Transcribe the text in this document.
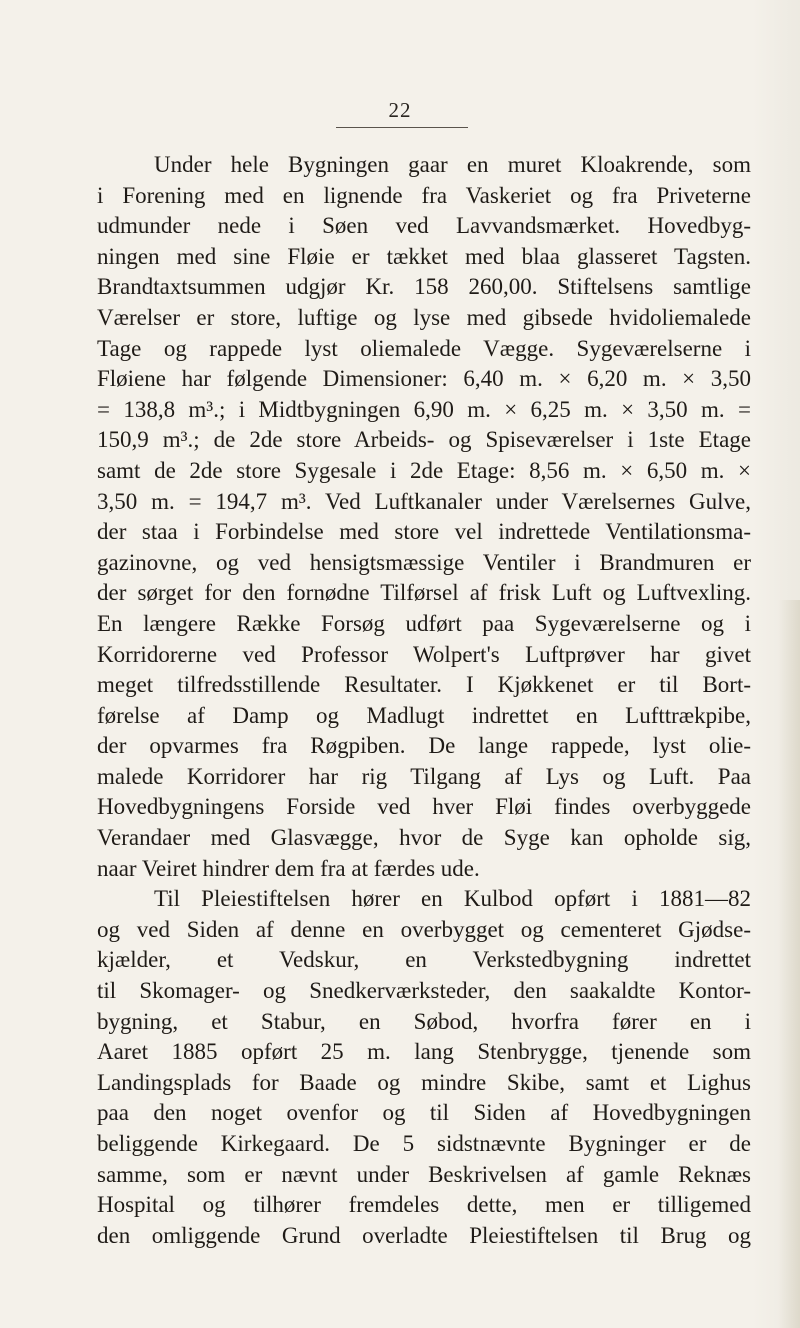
22
Under hele Bygningen gaar en muret Kloakrende, som
i Forening med en lignende fra Vaskeriet og fra Priveterne
udmunder nede i Søen ved Lavvandsmærket. Hovedbyg-
ningen med sine Fløie er tækket med blaa glasseret Tagsten.
Brandtaxtsummen udgjør Kr. 158 260,00. Stiftelsens samtlige
Værelser er store, luftige og lyse med gibsede hvidoliemalede
Tage og rappede lyst oliemalede Vægge. Sygeværelserne i
Fløiene har følgende Dimensioner: 6,40 m. × 6,20 m. × 3,50
= 138,8 m³.; i Midtbygningen 6,90 m. × 6,25 m. × 3,50 m. =
150,9 m³.; de 2de store Arbeids- og Spiseværelser i 1ste Etage
samt de 2de store Sygesale i 2de Etage: 8,56 m. × 6,50 m. ×
3,50 m. = 194,7 m³. Ved Luftkanaler under Værelsernes Gulve,
der staa i Forbindelse med store vel indrettede Ventilationsma-
gazinovne, og ved hensigtsmæssige Ventiler i Brandmuren er
der sørget for den fornødne Tilførsel af frisk Luft og Luftvexling.
En længere Række Forsøg udført paa Sygeværelserne og i
Korridorerne ved Professor Wolpert's Luftprøver har givet
meget tilfredsstillende Resultater. I Kjøkkenet er til Bort-
førelse af Damp og Madlugt indrettet en Lufttrækpibe,
der opvarmes fra Røgpiben. De lange rappede, lyst olie-
malede Korridorer har rig Tilgang af Lys og Luft. Paa
Hovedbygningens Forside ved hver Fløi findes overbyggede
Verandaer med Glasvægge, hvor de Syge kan opholde sig,
naar Veiret hindrer dem fra at færdes ude.
Til Pleiestiftelsen hører en Kulbod opført i 1881—82
og ved Siden af denne en overbygget og cementeret Gjødse-
kjælder, et Vedskur, en Verkstedbygning indrettet
til Skomager- og Snedkerværksteder, den saakaldte Kontor-
bygning, et Stabur, en Søbod, hvorfra fører en i
Aaret 1885 opført 25 m. lang Stenbrygge, tjenende som
Landingsplads for Baade og mindre Skibe, samt et Lighus
paa den noget ovenfor og til Siden af Hovedbygningen
beliggende Kirkegaard. De 5 sidstnævnte Bygninger er de
samme, som er nævnt under Beskrivelsen af gamle Reknæs
Hospital og tilhører fremdeles dette, men er tilligemed
den omliggende Grund overladte Pleiestiftelsen til Brug og
